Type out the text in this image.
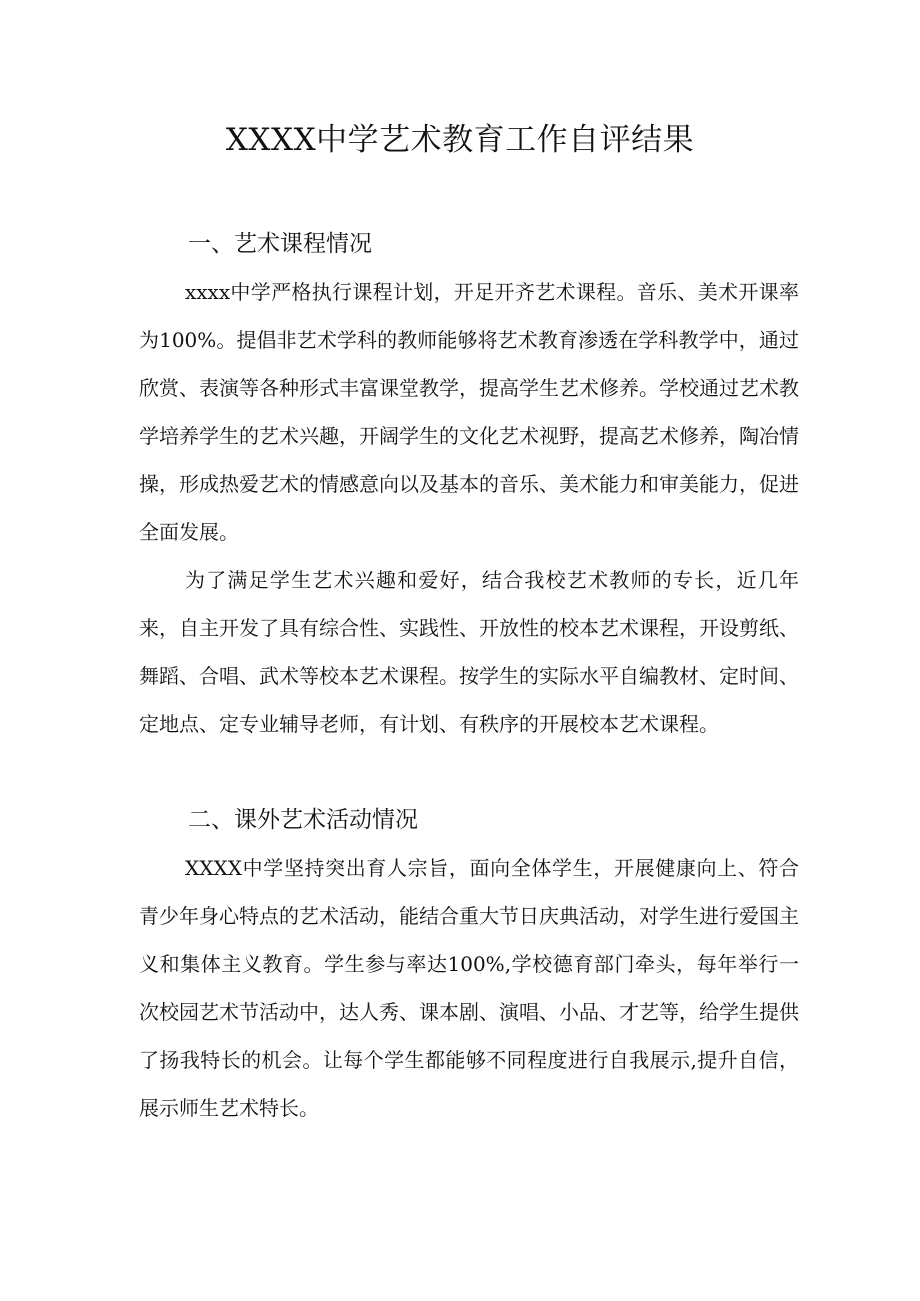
XXXX中学艺术教育工作自评结果
一、艺术课程情况

xxxx中学严格执行课程计划，开足开齐艺术课程。音乐、美术开课率为100%。提倡非艺术学科的教师能够将艺术教育渗透在学科教学中，通过欣赏、表演等各种形式丰富课堂教学，提高学生艺术修养。学校通过艺术教学培养学生的艺术兴趣，开阔学生的文化艺术视野，提高艺术修养，陶冶情操，形成热爱艺术的情感意向以及基本的音乐、美术能力和审美能力，促进全面发展。

为了满足学生艺术兴趣和爱好，结合我校艺术教师的专长，近几年来，自主开发了具有综合性、实践性、开放性的校本艺术课程，开设剪纸、舞蹈、合唱、武术等校本艺术课程。按学生的实际水平自编教材、定时间、定地点、定专业辅导老师，有计划、有秩序的开展校本艺术课程。

二、课外艺术活动情况

XXXX中学坚持突出育人宗旨，面向全体学生，开展健康向上、符合青少年身心特点的艺术活动，能结合重大节日庆典活动，对学生进行爱国主义和集体主义教育。学生参与率达100%,学校德育部门牵头，每年举行一次校园艺术节活动中，达人秀、课本剧、演唱、小品、才艺等，给学生提供了扬我特长的机会。让每个学生都能够不同程度进行自我展示,提升自信，展示师生艺术特长。
